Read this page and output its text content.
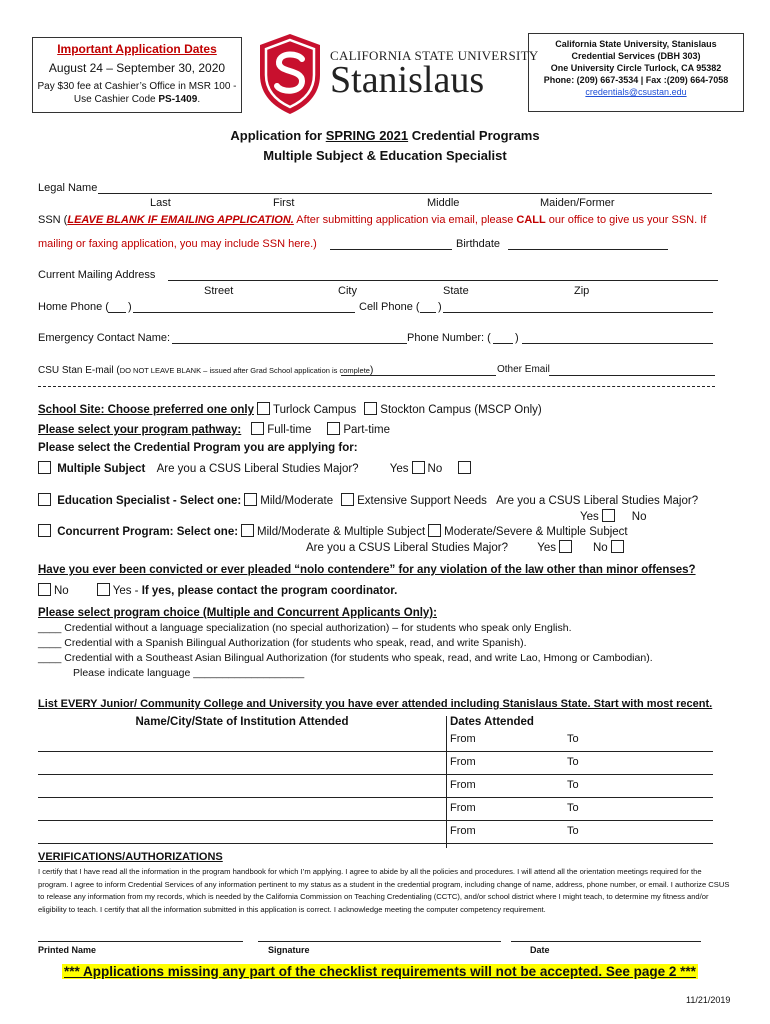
Important Application Dates
August 24 – September 30, 2020
Pay $30 fee at Cashier’s Office in MSR 100 -
Use Cashier Code PS-1409.
CALIFORNIA STATE UNIVERSITY
Stanislaus
California State University, Stanislaus
Credential Services (DBH 303)
One University Circle Turlock, CA 95382
Phone: (209) 667-3534 | Fax :(209) 664-7058
credentials@csustan.edu
Application for SPRING 2021 Credential Programs
Multiple Subject & Education Specialist
Legal Name
Last	First	Middle	Maiden/Former
SSN (LEAVE BLANK IF EMAILING APPLICATION. After submitting application via email, please CALL our office to give us your SSN. If
mailing or faxing application, you may include SSN here.)	Birthdate
Current Mailing Address
Street	City	State	Zip
Home Phone ( )	Cell Phone ( )
Emergency Contact Name:	Phone Number: ( )
CSU Stan E-mail (DO NOT LEAVE BLANK – issued after Grad School application is complete)	Other Email
School Site: Choose preferred one only Turlock Campus Stockton Campus (MSCP Only)
Please select your program pathway: Full-time	Part-time
Please select the Credential Program you are applying for:
Multiple Subject Are you a CSUS Liberal Studies Major?	Yes No
Education Specialist - Select one: Mild/Moderate Extensive Support Needs Are you a CSUS Liberal Studies Major?
Yes	No
Concurrent Program: Select one: Mild/Moderate & Multiple Subject Moderate/Severe & Multiple Subject
Are you a CSUS Liberal Studies Major?	Yes	No
Have you ever been convicted or ever pleaded “nolo contendere” for any violation of the law other than minor offenses?
No	Yes - If yes, please contact the program coordinator.
Please select program choice (Multiple and Concurrent Applicants Only):
____ Credential without a language specialization (no special authorization) – for students who speak only English.
____ Credential with a Spanish Bilingual Authorization (for students who speak, read, and write Spanish).
____ Credential with a Southeast Asian Bilingual Authorization (for students who speak, read, and write Lao, Hmong or Cambodian).
Please indicate language ___________________
List EVERY Junior/ Community College and University you have ever attended including Stanislaus State. Start with most recent.
Name/City/State of Institution Attended	Dates Attended
From	To
From	To
From	To
From	To
From	To
VERIFICATIONS/AUTHORIZATIONS
I certify that I have read all the information in the program handbook for which I’m applying. I agree to abide by all the policies and procedures. I will attend all the orientation meetings required for the program. I agree to inform Credential Services of any information pertinent to my status as a student in the credential program, including change of name, address, phone number, or email. I authorize CSUS to release any information from my records, which is needed by the California Commission on Teaching Credentialing (CCTC), and/or school district where I might teach, to determine my fitness and/or eligibility to teach. I certify that all the information submitted in this application is correct. I acknowledge meeting the computer competency requirement.
Printed Name	Signature	Date
*** Applications missing any part of the checklist requirements will not be accepted. See page 2 ***
11/21/2019
